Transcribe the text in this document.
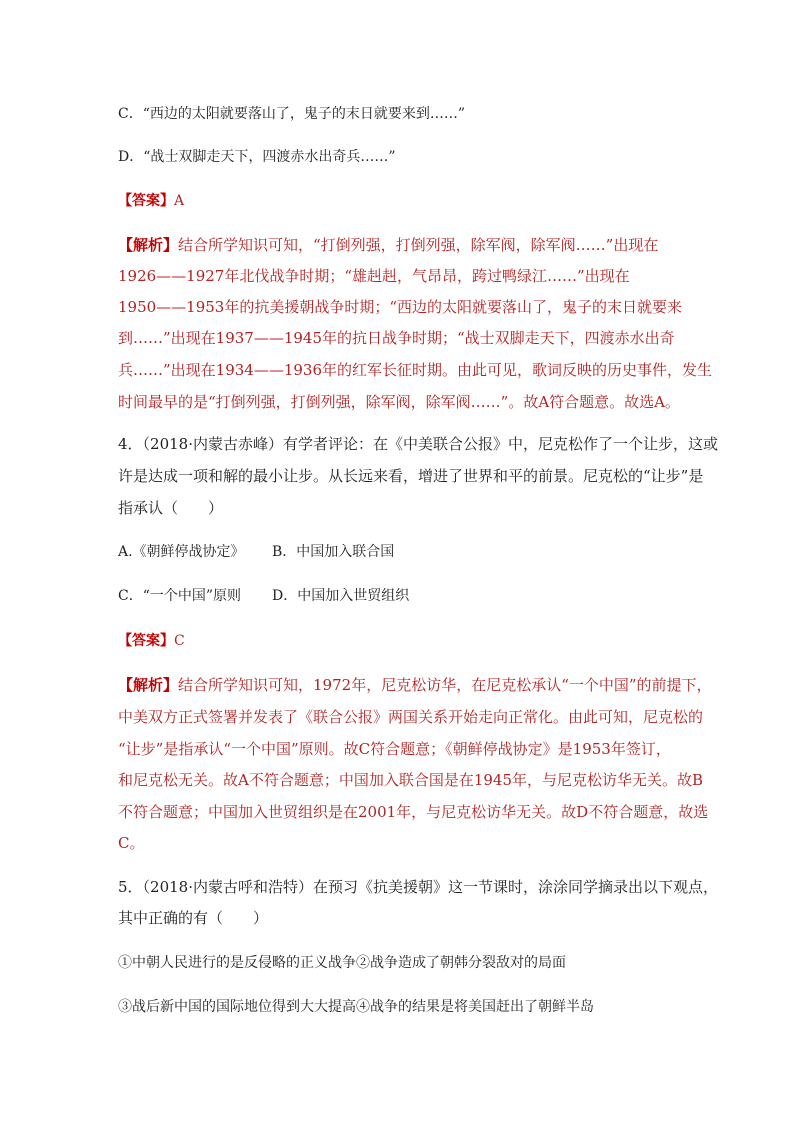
C．“西边的太阳就要落山了，鬼子的末日就要来到……”
D．“战士双脚走天下，四渡赤水出奇兵……”
【答案】A
【解析】结合所学知识可知，“打倒列强，打倒列强，除军阀，除军阀……”出现在
1926——1927年北伐战争时期；“雄赳赳，气昂昂，跨过鸭绿江……”出现在
1950——1953年的抗美援朝战争时期；“西边的太阳就要落山了，鬼子的末日就要来
到……”出现在1937——1945年的抗日战争时期；“战士双脚走天下，四渡赤水出奇
兵……”出现在1934——1936年的红军长征时期。由此可见，歌词反映的历史事件，发生
时间最早的是“打倒列强，打倒列强，除军阀，除军阀……”。故A符合题意。故选A。
4．（2018·内蒙古赤峰）有学者评论：在《中美联合公报》中，尼克松作了一个让步，这或
许是达成一项和解的最小让步。从长远来看，增进了世界和平的前景。尼克松的“让步”是
指承认（　　）
A.《朝鲜停战协定》 B．中国加入联合国
C．“一个中国”原则 D．中国加入世贸组织
【答案】C
【解析】结合所学知识可知，1972年，尼克松访华，在尼克松承认“一个中国”的前提下，
中美双方正式签署并发表了《联合公报》两国关系开始走向正常化。由此可知，尼克松的
“让步”是指承认“一个中国”原则。故C符合题意；《朝鲜停战协定》是1953年签订，
和尼克松无关。故A不符合题意；中国加入联合国是在1945年，与尼克松访华无关。故B
不符合题意；中国加入世贸组织是在2001年，与尼克松访华无关。故D不符合题意，故选
C。
5．（2018·内蒙古呼和浩特）在预习《抗美援朝》这一节课时，涂涂同学摘录出以下观点，
其中正确的有（　　）
①中朝人民进行的是反侵略的正义战争②战争造成了朝韩分裂敌对的局面
③战后新中国的国际地位得到大大提高④战争的结果是将美国赶出了朝鲜半岛
